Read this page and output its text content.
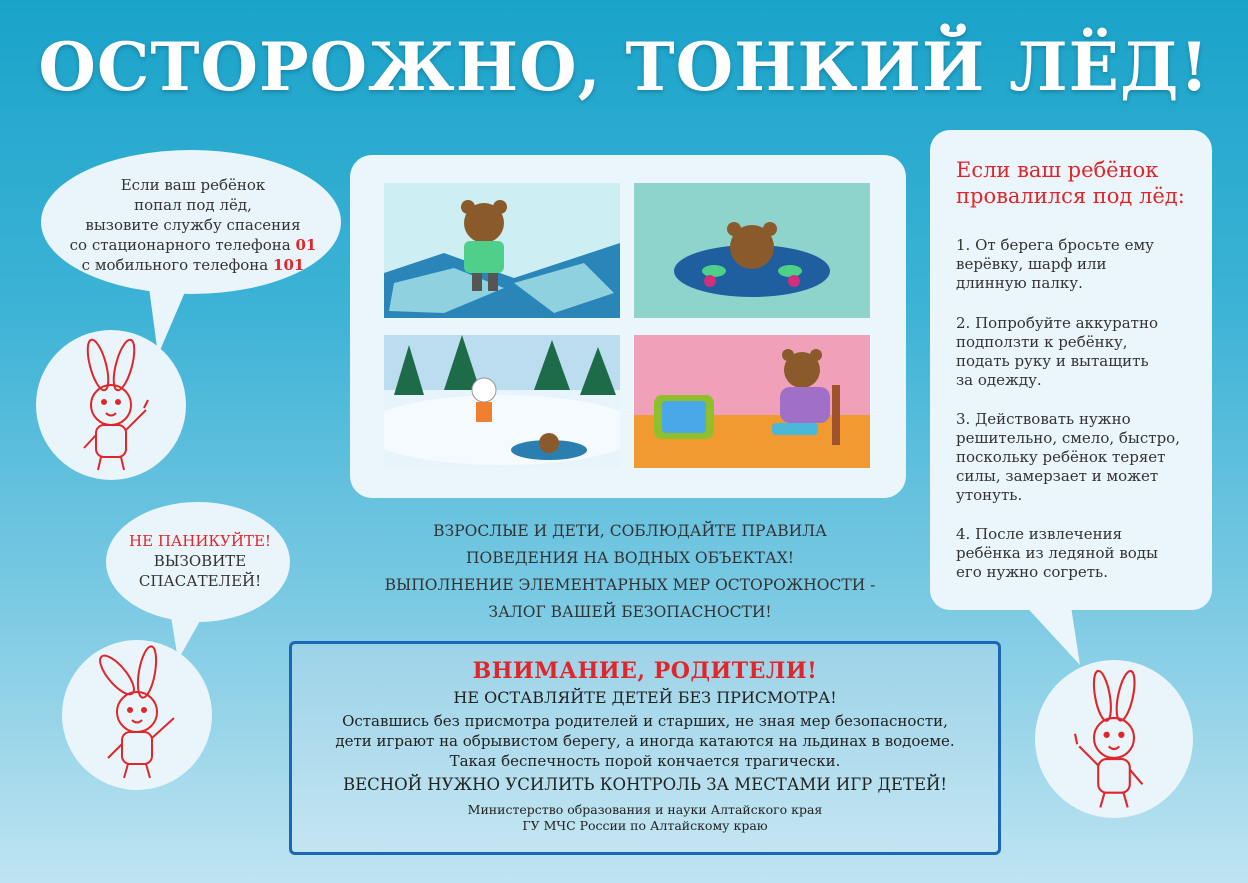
ОСТОРОЖНО, ТОНКИЙ ЛЁД!
Если ваш ребёнок
попал под лёд,
вызовите службу спасения
со стационарного телефона 01
с мобильного телефона 101
НЕ ПАНИКУЙТЕ!
ВЫЗОВИТЕ
СПАСАТЕЛЕЙ!
ВЗРОСЛЫЕ И ДЕТИ, СОБЛЮДАЙТЕ ПРАВИЛА
ПОВЕДЕНИЯ НА ВОДНЫХ ОБЪЕКТАХ!
ВЫПОЛНЕНИЕ ЭЛЕМЕНТАРНЫХ МЕР ОСТОРОЖНОСТИ -
ЗАЛОГ ВАШЕЙ БЕЗОПАСНОСТИ!
Если ваш ребёнок
провалился под лёд:
1. От берега бросьте ему
верёвку, шарф или
длинную палку.
2. Попробуйте аккуратно
подползти к ребёнку,
подать руку и вытащить
за одежду.
3. Действовать нужно
решительно, смело, быстро,
поскольку ребёнок теряет
силы, замерзает и может
утонуть.
4. После извлечения
ребёнка из ледяной воды
его нужно согреть.
ВНИМАНИЕ, РОДИТЕЛИ!
НЕ ОСТАВЛЯЙТЕ ДЕТЕЙ БЕЗ ПРИСМОТРА!
Оставшись без присмотра родителей и старших, не зная мер безопасности,
дети играют на обрывистом берегу, а иногда катаются на льдинах в водоеме.
Такая беспечность порой кончается трагически.
ВЕСНОЙ НУЖНО УСИЛИТЬ КОНТРОЛЬ ЗА МЕСТАМИ ИГР ДЕТЕЙ!
Министерство образования и науки Алтайского края
ГУ МЧС России по Алтайскому краю
